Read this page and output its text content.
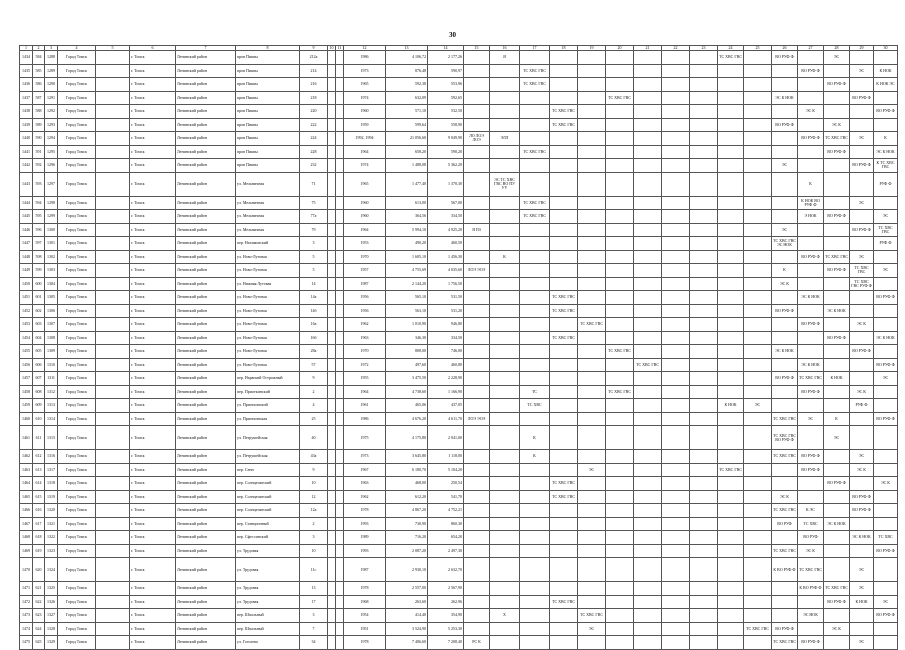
30
1	2	3	4	5	6	7	8	9	10	11	12	13	14	15	16	17	18	19	20	21	22	23	24	25	26	27	28	29	30
1434	584	1288	Город Томск		г. Томск	Ленинский район	пров Пияпы	212а			1986	4 106,72	2 177,26		Я								ТС ХВС ГВС		ВО РУФ Ф		ЭС		
1435	585	1289	Город Томск		г. Томск	Ленинский район	пров Пияпы	214			1973	876,48	590,97			ТС ХВС ГВС										ВО РУФ Ф		ЭС	К НОК
1436	586	1290	Город Томск		г. Томск	Ленинский район	пров Пияпы	216			1965	592,38	553,96			ТС ХВС ГВС											ВО РУФ Ф		К НОК ЭС
1437	587	1291	Город Томск		г. Томск	Ленинский район	пров Пияпы	218			1974	632,09	592,65						ТС ХВС ГВС						ЭС К НОК			ВО РУФ Ф	
1438	588	1292	Город Томск		г. Томск	Ленинский район	пров Пияпы	220			1960	571,10	532,50				ТС ХВС ГВС									ЭС К			ВО РУФ Ф
1439	589	1293	Город Томск		г. Томск	Ленинский район	пров Пияпы	222			1959	599,64	558,90				ТС ХВС ГВС								ВО РУФ Ф		ЭС К		
1440	590	1294	Город Томск		г. Томск	Ленинский район	пров Пияпы	224			1992, 1994	21 056,60	9 049,90	ЛО ЛОЭ ЛОЭ	ЭЛЛ											ВО РУФ Ф	ТС ХВС ГВС	ЭС	К
1441	591	1295	Город Томск		г. Томск	Ленинский район	пров Пияпы	228			1964	658,20	590,20			ТС ХВС ГВС											ВО РУФ Ф		ЭС К НОК
1442	592	1296	Город Томск		г. Томск	Ленинский район	пров Пияпы	232			1974	1 488,08	5 362,20												ЭС			ВО РУФ Ф	К ТС ХВС ГВС
1443	593	1297	Город Томск		г. Томск	Ленинский район	ул. Мельничная	71			1965	1 477,40	1 370,30		ЭС ТС ХВС ГВС ВО ПУ УУ											К			РУФ Ф
1444	594	1298	Город Томск		г. Томск	Ленинский район	ул. Мельничная	75			1960	613,00	567,00			ТС ХВС ГВС										К НОК ВО РУФ Ф		ЭС	
1445	595	1299	Город Томск		г. Томск	Ленинский район	ул. Мельничная	77а			1960	364,56	334,50			ТС ХВС ГВС										Э НОК	ВО РУФ Ф		ЭС
1446	596	1300	Город Томск		г. Томск	Ленинский район	ул. Мельничная	79			1964	5 994,10	4 925,20	Я ПЗ											ЭС			ВО РУФ Ф	ТС ХВС ГВС
1447	597	1301	Город Томск		г. Томск	Ленинский район	пер. Нахимовский	3			1953	490,20	460,50												ТС ХВС ГВС ЭС НОК				РУФ Ф
1448	598	1302	Город Томск		г. Томск	Ленинский район	ул. Ново-Лутовая	5			1970	1 605,10	1 456,30		К											ВО РУФ Ф	ТС ХВС ГВС	ЭС	
1449	599	1303	Город Томск		г. Томск	Ленинский район	ул. Ново-Лутовая	5			1957	4 755,69	4 035,60	ЛОЭ ЭОЭ											К		ВО РУФ Ф	ТС ХВС ГВС	ЭС
1450	600	1304	Город Томск		г. Томск	Ленинский район	ул. Нижняя Лутовая	14			1987	2 144,20	1 756,50												ЭС К			ТС ХВС ГВС РУФ Ф	
1451	601	1305	Город Томск		г. Томск	Ленинский район	ул. Ново-Лутовая	14а			1956	565,10	531,50				ТС ХВС ГВС									ЭС К НОК			ВО РУФ Ф
1452	602	1306	Город Томск		г. Томск	Ленинский район	ул. Ново-Лутовая	14б			1956	563,10	531,20				ТС ХВС ГВС								ВО РУФ Ф		ЭС К НОК		
1453	603	1307	Город Томск		г. Томск	Ленинский район	ул. Ново-Лутовая	16а			1962	1 010,90	946,80					ТС ХВС ГВС								ВО РУФ Ф		ЭС К	
1454	604	1308	Город Томск		г. Томск	Ленинский район	ул. Ново-Лутовая	16б			1963	346,30	334,50				ТС ХВС ГВС										ВО РУФ Ф		ЭС К НОК
1455	605	1309	Город Томск		г. Томск	Ленинский район	ул. Ново-Лутовая	28а			1970	808,00	746,00						ТС ХВС ГВС						ЭС К НОК			ВО РУФ Ф	
1456	606	1310	Город Томск		г. Томск	Ленинский район	ул. Ново-Лутовая	57			1972	497,60	460,80							ТС ХВС ГВС						ЭС К НОК			ВО РУФ Ф
1457	607	1311	Город Томск		г. Томск	Ленинский район	пер. Нарвский Острожный	9			1955	3 475,50	2 228,90												ВО РУФ Ф	ТС ХВС ГВС	К НОК		ЭС
1458	608	1312	Город Томск		г. Томск	Ленинский район	пер. Приоткинский	2			1964	4 738,60	1 166,90			ТС			ТС ХВС ГВС							ВО РУФ Ф		ЭС К	
1459	609	1313	Город Томск		г. Томск	Ленинский район	ул. Приоткинский	4			1961	465,06	437,05			ТС ХВС							К НОК	ЭС				РУФ Ф	
1460	610	1314	Город Томск		г. Томск	Ленинский район	ул. Приоткинская	25			1986	4 676,20	4 611,70	ЛОЭ ЭОЭ											ТС ХВС ГВС	ЭС	К		ВО РУФ Ф
1461	611	1315	Город Томск		г. Томск	Ленинский район	ул. Петрушейская	40			1975	4 175,80	2 041,00			К									ТС ХВС ГВС ВО РУФ Ф		ЭС		
1462	612	1316	Город Томск		г. Томск	Ленинский район	ул. Петрушейская	43а			1973	3 645,80	1 118,00			К									ТС ХВС ГВС	ВО РУФ Ф		ЭС	
1463	613	1317	Город Томск		г. Томск	Ленинский район	пер. Сенн	9			1967	6 180,70	5 104,20					ЭС					ТС ХВС ГВС			ВО РУФ Ф		ЭС К	
1464	614	1318	Город Томск		г. Томск	Ленинский район	пер. Солнцепятский	10			1963	468,00	250,54				ТС ХВС ГВС										ВО РУФ Ф		ЭС К
1465	615	1319	Город Томск		г. Томск	Ленинский район	пер. Солнцепятский	12			1962	612,20	541,70				ТС ХВС ГВС								ЭС К			ВО РУФ Ф	
1466	616	1320	Город Томск		г. Томск	Ленинский район	пер. Солнцепятский	12а			1978	4 867,20	4 752,21												ТС ХВС ГВС	К ЭС		ВО РУФ Ф	
1467	617	1321	Город Томск		г. Томск	Ленинский район	пер. Станционный	2			1993	730,90	860,30												ВО РУФ	ТС ХВС	ЭС К НОК		
1468	618	1322	Город Томск		г. Томск	Ленинский район	пер. Сфессинский	3			1989	716,20	654,20													ВО РУФ		ЭС К НОК	ТС ХВС
1469	619	1323	Город Томск		г. Томск	Ленинский район	ул. Трудовая	10			1993	2 087,20	2 497,30												ТС ХВС ГВС	ЭС К			ВО РУФ Ф
1470	620	1324	Город Томск		г. Томск	Ленинский район	ул. Трудовая	11с			1987	2 930,10	2 632,70												К ВО РУФ Ф	ТС ХВС ГВС		ЭС	
1471	621	1325	Город Томск		г. Томск	Ленинский район	ул. Трудовая	13			1978	2 557,00	2 567,90													К ВО РУФ Ф	ТС ХВС ГВС	ЭС	
1472	622	1326	Город Томск		г. Томск	Ленинский район	ул. Трудовая	17			1968	263,60	262,96				ТС ХВС ГВС										ВО РУФ Ф	К НОК	ЭС
1473	623	1327	Город Томск		г. Томск	Ленинский район	пер. Шпальный	3			1954	414,40	354,90		Х			ТС ХВС ГВС								ЭС НОК			ВО РУФ Ф
1474	624	1328	Город Томск		г. Томск	Ленинский район	пер. Шпальный	7			1951	3 524,90	5 253,30					ЭС						ТС ХВС ГВС	ВО РУФ Ф		ЭС К		
1475	625	1329	Город Томск		г. Томск	Ленинский район	ул. Гоголева	34			1978	7 406,60	7 208,40	РС К											ТС ХВС ГВС	ВО РУФ Ф		ЭС	
